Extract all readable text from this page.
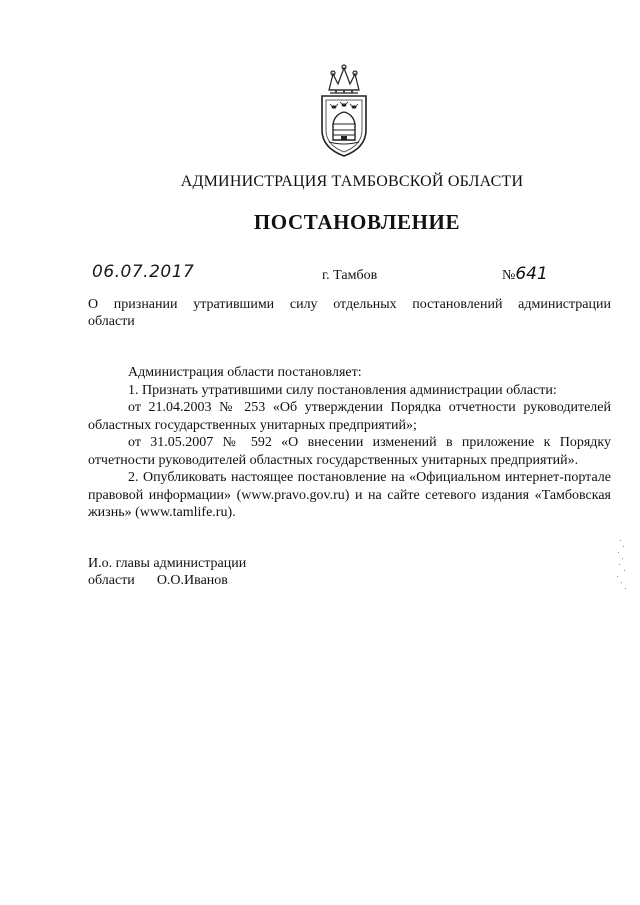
АДМИНИСТРАЦИЯ ТАМБОВСКОЙ ОБЛАСТИ
ПОСТАНОВЛЕНИЕ
06.07.2017	г. Тамбов	№641
О признании утратившими силу отдельных постановлений администрации
области

Администрация области постановляет:

1. Признать утратившими силу постановления администрации области:

от 21.04.2003 № 253 «Об утверждении Порядка отчетности руководителей областных государственных унитарных предприятий»;

от 31.05.2007 № 592 «О внесении изменений в приложение к Порядку отчетности руководителей областных государственных унитарных предприятий».

2. Опубликовать настоящее постановление на «Официальном интернет-портале правовой информации» (www.pravo.gov.ru) и на сайте сетевого издания «Тамбовская жизнь» (www.tamlife.ru).

И.о. главы администрации
области О.О.Иванов
